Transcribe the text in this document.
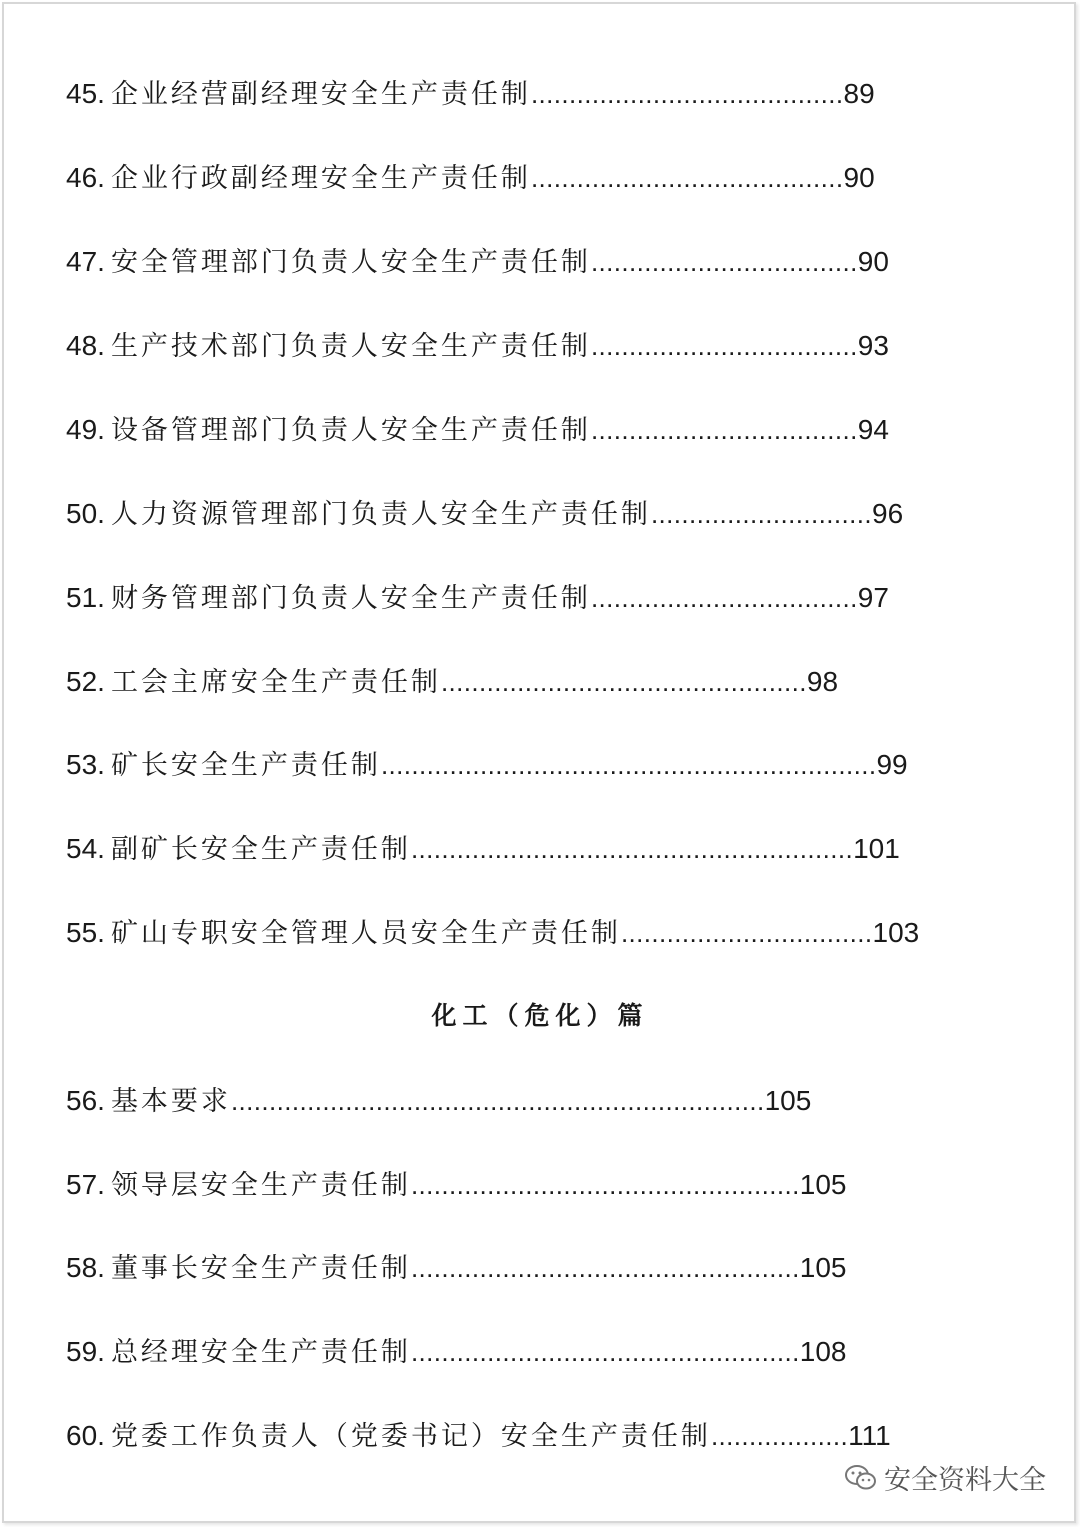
45. 企业经营副经理安全生产责任制.........................................89
46. 企业行政副经理安全生产责任制.........................................90
47. 安全管理部门负责人安全生产责任制...................................90
48. 生产技术部门负责人安全生产责任制...................................93
49. 设备管理部门负责人安全生产责任制...................................94
50. 人力资源管理部门负责人安全生产责任制.............................96
51. 财务管理部门负责人安全生产责任制...................................97
52. 工会主席安全生产责任制................................................98
53. 矿长安全生产责任制.................................................................99
54. 副矿长安全生产责任制..........................................................101
55. 矿山专职安全管理人员安全生产责任制.................................103
化工（危化）篇
56. 基本要求......................................................................105
57. 领导层安全生产责任制...................................................105
58. 董事长安全生产责任制...................................................105
59. 总经理安全生产责任制...................................................108
60. 党委工作负责人（党委书记）安全生产责任制..................111
安全资料大全
